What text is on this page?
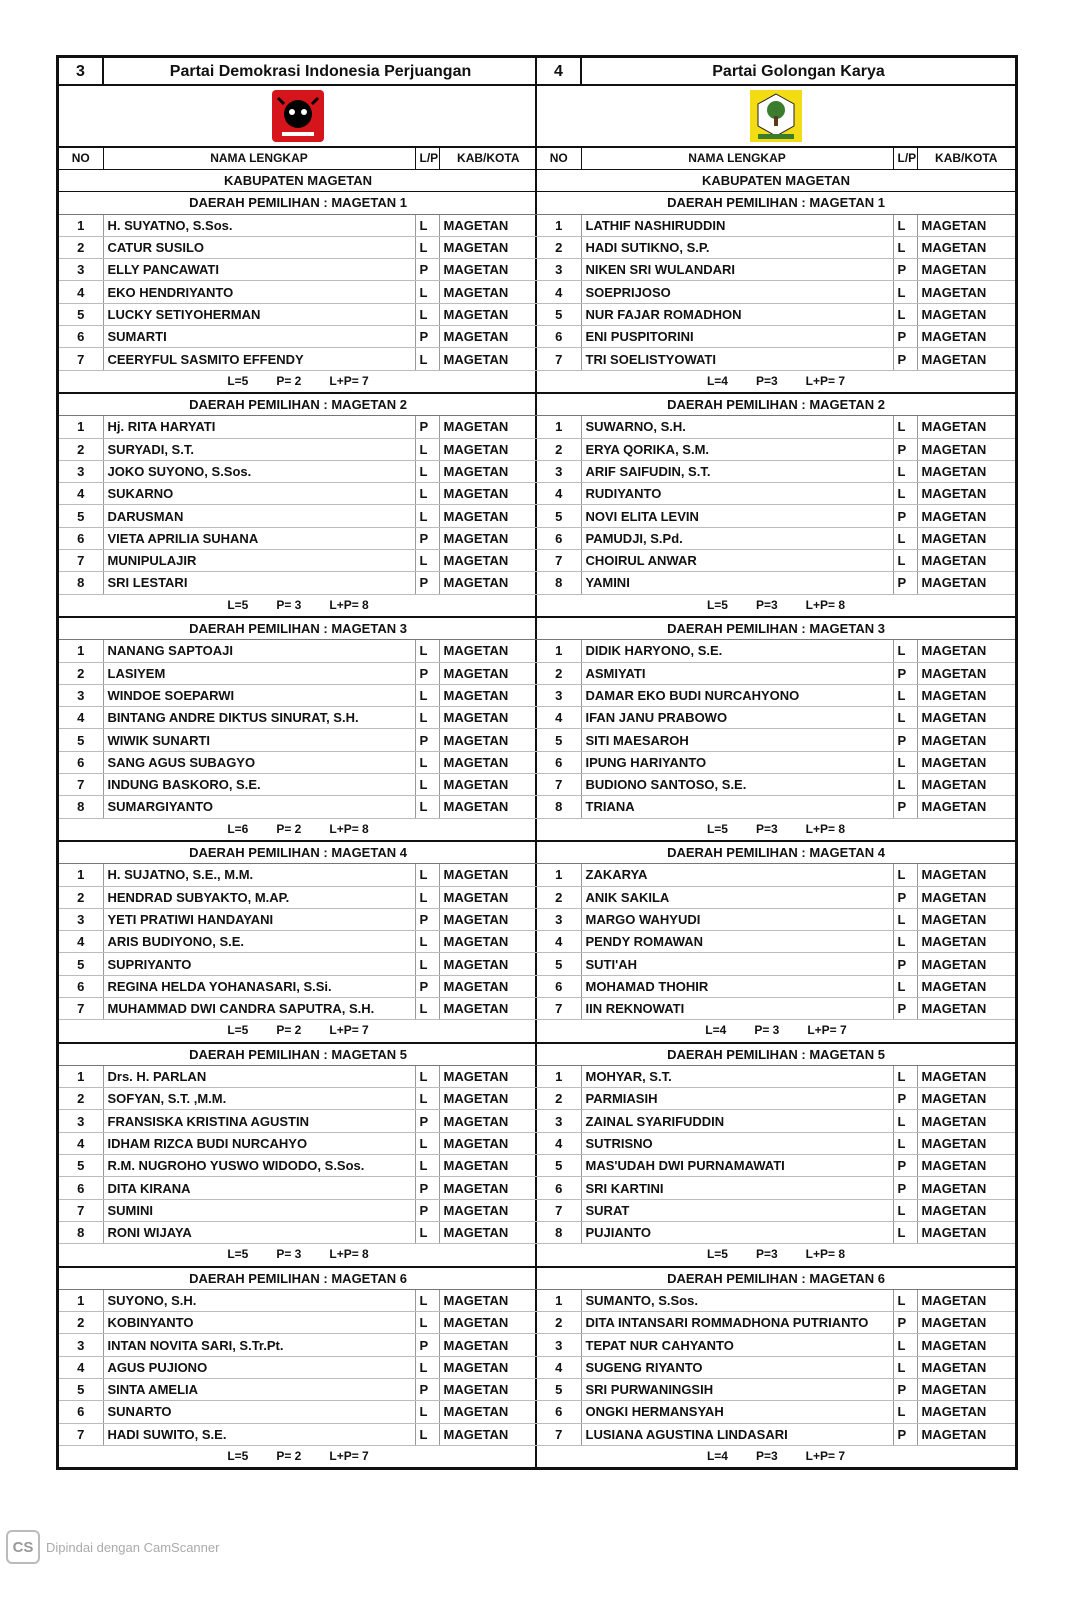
3	Partai Demokrasi Indonesia Perjuangan		

NO	NAMA LENGKAP	L/P	KAB/KOTA
KABUPATEN MAGETAN			
DAERAH PEMILIHAN : MAGETAN 1			
1	H. SUYATNO, S.Sos.	L	MAGETAN
2	CATUR SUSILO	L	MAGETAN
3	ELLY PANCAWATI	P	MAGETAN
4	EKO HENDRIYANTO	L	MAGETAN
5	LUCKY SETIYOHERMAN	L	MAGETAN
6	SUMARTI	P	MAGETAN
7	CEERYFUL SASMITO EFFENDY	L	MAGETAN
L=5 P= 2 L+P= 7			
DAERAH PEMILIHAN : MAGETAN 2			
1	Hj. RITA HARYATI	P	MAGETAN
2	SURYADI, S.T.	L	MAGETAN
3	JOKO SUYONO, S.Sos.	L	MAGETAN
4	SUKARNO	L	MAGETAN
5	DARUSMAN	L	MAGETAN
6	VIETA APRILIA SUHANA	P	MAGETAN
7	MUNIPULAJIR	L	MAGETAN
8	SRI LESTARI	P	MAGETAN
L=5 P= 3 L+P= 8			
DAERAH PEMILIHAN : MAGETAN 3			
1	NANANG SAPTOAJI	L	MAGETAN
2	LASIYEM	P	MAGETAN
3	WINDOE SOEPARWI	L	MAGETAN
4	BINTANG ANDRE DIKTUS SINURAT, S.H.	L	MAGETAN
5	WIWIK SUNARTI	P	MAGETAN
6	SANG AGUS SUBAGYO	L	MAGETAN
7	INDUNG BASKORO, S.E.	L	MAGETAN
8	SUMARGIYANTO	L	MAGETAN
L=6 P= 2 L+P= 8			
DAERAH PEMILIHAN : MAGETAN 4			
1	H. SUJATNO, S.E., M.M.	L	MAGETAN
2	HENDRAD SUBYAKTO, M.AP.	L	MAGETAN
3	YETI PRATIWI HANDAYANI	P	MAGETAN
4	ARIS BUDIYONO, S.E.	L	MAGETAN
5	SUPRIYANTO	L	MAGETAN
6	REGINA HELDA YOHANASARI, S.Si.	P	MAGETAN
7	MUHAMMAD DWI CANDRA SAPUTRA, S.H.	L	MAGETAN
L=5 P= 2 L+P= 7			
DAERAH PEMILIHAN : MAGETAN 5			
1	Drs. H. PARLAN	L	MAGETAN
2	SOFYAN, S.T. ,M.M.	L	MAGETAN
3	FRANSISKA KRISTINA AGUSTIN	P	MAGETAN
4	IDHAM RIZCA BUDI NURCAHYO	L	MAGETAN
5	R.M. NUGROHO YUSWO WIDODO, S.Sos.	L	MAGETAN
6	DITA KIRANA	P	MAGETAN
7	SUMINI	P	MAGETAN
8	RONI WIJAYA	L	MAGETAN
L=5 P= 3 L+P= 8			
DAERAH PEMILIHAN : MAGETAN 6			
1	SUYONO, S.H.	L	MAGETAN
2	KOBINYANTO	L	MAGETAN
3	INTAN NOVITA SARI, S.Tr.Pt.	P	MAGETAN
4	AGUS PUJIONO	L	MAGETAN
5	SINTA AMELIA	P	MAGETAN
6	SUNARTO	L	MAGETAN
7	HADI SUWITO, S.E.	L	MAGETAN
L=5 P= 2 L+P= 7			
4	Partai Golongan Karya		

NO	NAMA LENGKAP	L/P	KAB/KOTA
KABUPATEN MAGETAN			
DAERAH PEMILIHAN : MAGETAN 1			
1	LATHIF NASHIRUDDIN	L	MAGETAN
2	HADI SUTIKNO, S.P.	L	MAGETAN
3	NIKEN SRI WULANDARI	P	MAGETAN
4	SOEPRIJOSO	L	MAGETAN
5	NUR FAJAR ROMADHON	L	MAGETAN
6	ENI PUSPITORINI	P	MAGETAN
7	TRI SOELISTYOWATI	P	MAGETAN
L=4 P=3 L+P= 7			
DAERAH PEMILIHAN : MAGETAN 2			
1	SUWARNO, S.H.	L	MAGETAN
2	ERYA QORIKA, S.M.	P	MAGETAN
3	ARIF SAIFUDIN, S.T.	L	MAGETAN
4	RUDIYANTO	L	MAGETAN
5	NOVI ELITA LEVIN	P	MAGETAN
6	PAMUDJI, S.Pd.	L	MAGETAN
7	CHOIRUL ANWAR	L	MAGETAN
8	YAMINI	P	MAGETAN
L=5 P=3 L+P= 8			
DAERAH PEMILIHAN : MAGETAN 3			
1	DIDIK HARYONO, S.E.	L	MAGETAN
2	ASMIYATI	P	MAGETAN
3	DAMAR EKO BUDI NURCAHYONO	L	MAGETAN
4	IFAN JANU PRABOWO	L	MAGETAN
5	SITI MAESAROH	P	MAGETAN
6	IPUNG HARIYANTO	L	MAGETAN
7	BUDIONO SANTOSO, S.E.	L	MAGETAN
8	TRIANA	P	MAGETAN
L=5 P=3 L+P= 8			
DAERAH PEMILIHAN : MAGETAN 4			
1	ZAKARYA	L	MAGETAN
2	ANIK SAKILA	P	MAGETAN
3	MARGO WAHYUDI	L	MAGETAN
4	PENDY ROMAWAN	L	MAGETAN
5	SUTI'AH	P	MAGETAN
6	MOHAMAD THOHIR	L	MAGETAN
7	IIN REKNOWATI	P	MAGETAN
L=4 P= 3 L+P= 7			
DAERAH PEMILIHAN : MAGETAN 5			
1	MOHYAR, S.T.	L	MAGETAN
2	PARMIASIH	P	MAGETAN
3	ZAINAL SYARIFUDDIN	L	MAGETAN
4	SUTRISNO	L	MAGETAN
5	MAS'UDAH DWI PURNAMAWATI	P	MAGETAN
6	SRI KARTINI	P	MAGETAN
7	SURAT	L	MAGETAN
8	PUJIANTO	L	MAGETAN
L=5 P=3 L+P= 8			
DAERAH PEMILIHAN : MAGETAN 6			
1	SUMANTO, S.Sos.	L	MAGETAN
2	DITA INTANSARI ROMMADHONA PUTRIANTO	P	MAGETAN
3	TEPAT NUR CAHYANTO	L	MAGETAN
4	SUGENG RIYANTO	L	MAGETAN
5	SRI PURWANINGSIH	P	MAGETAN
6	ONGKI HERMANSYAH	L	MAGETAN
7	LUSIANA AGUSTINA LINDASARI	P	MAGETAN
L=4 P=3 L+P= 7			
CS Dipindai dengan CamScanner
